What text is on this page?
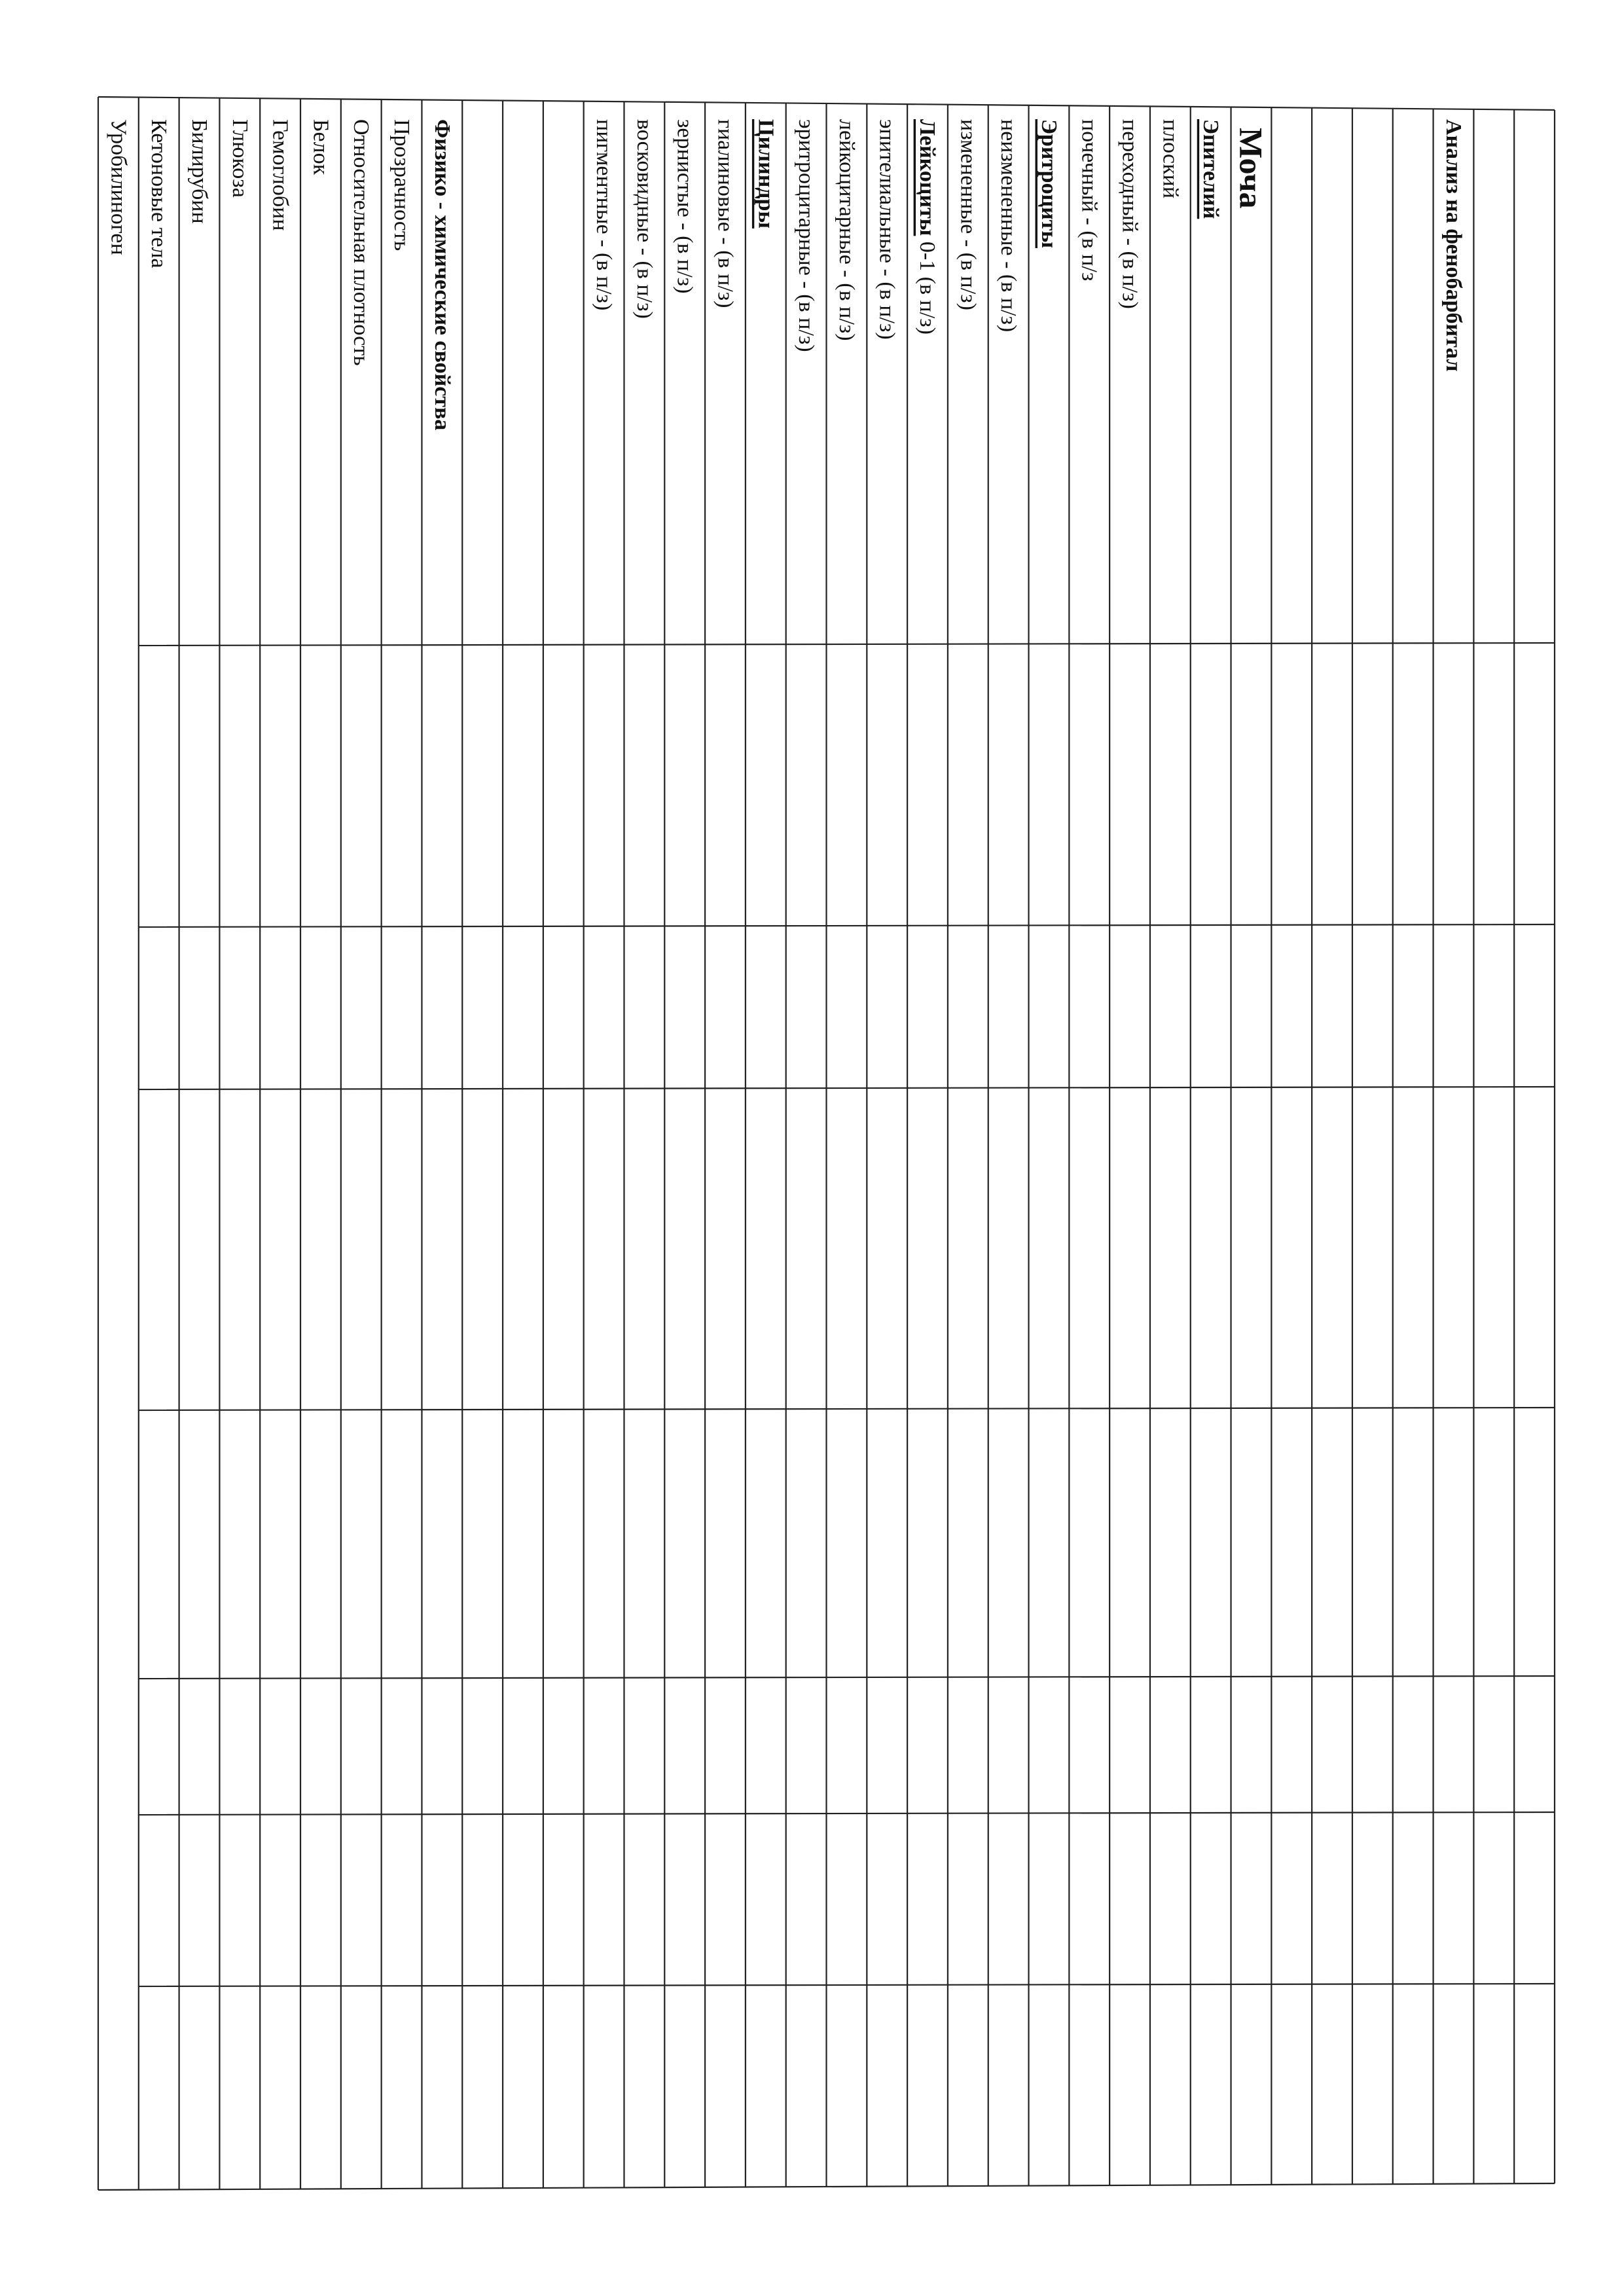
Анализ на фенобарбитал
Моча
Эпителий
плоский
переходный - (в п/з)
почечный - (в п/з
Эритроциты
неизмененные - (в п/з)
измененные - (в п/з)
Лейкоциты 0-1 (в п/з)
эпителиальные - (в п/з)
лейкоцитарные - (в п/з)
эритроцитарные - (в п/з)
Цилиндры
гиалиновые - (в п/з)
зернистые - (в п/з)
восковидные - (в п/з)
пигментные - (в п/з)
Физико - химические свойства
Прозрачность
Относительная плотность
Белок
Гемоглобин
Глюкоза
Билирубин
Кетоновые тела
Уробилиноген
